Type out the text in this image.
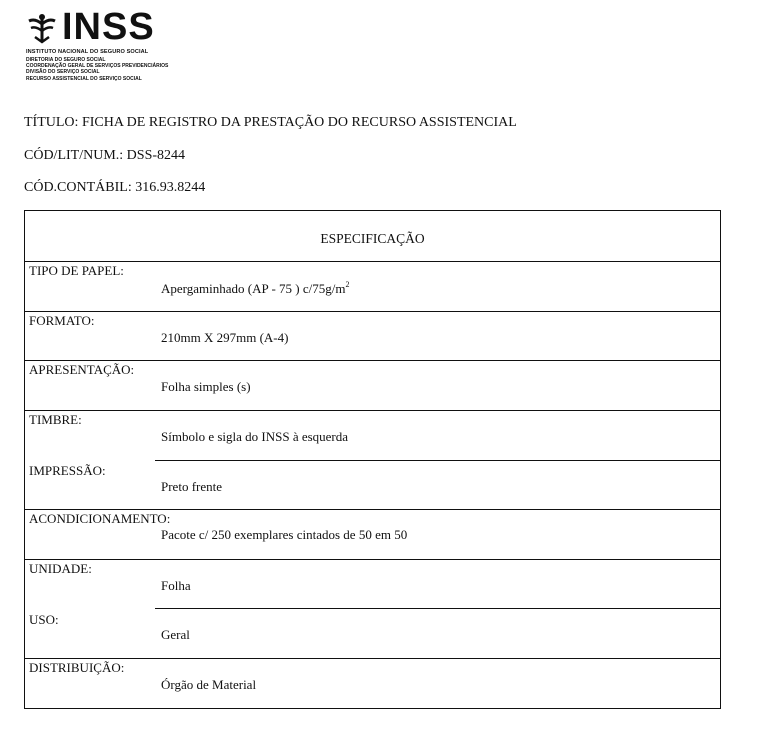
INSS
INSTITUTO NACIONAL DO SEGURO SOCIAL
DIRETORIA DO SEGURO SOCIAL
COORDENAÇÃO GERAL DE SERVIÇOS PREVIDENCIÁRIOS
DIVISÃO DO SERVIÇO SOCIAL
RECURSO ASSISTENCIAL DO SERVIÇO SOCIAL
TÍTULO: FICHA DE REGISTRO DA PRESTAÇÃO DO RECURSO ASSISTENCIAL
CÓD/LIT/NUM.: DSS-8244
CÓD.CONTÁBIL: 316.93.8244
ESPECIFICAÇÃO
TIPO DE PAPEL:
Apergaminhado (AP - 75 ) $c/75g/m^2$
FORMATO:
210mm X 297mm (A-4)
APRESENTAÇÃO:
Folha simples (s)
TIMBRE:
Símbolo e sigla do INSS à esquerda
IMPRESSÃO:
Preto frente
ACONDICIONAMENTO:
Pacote c/ 250 exemplares cintados de 50 em 50
UNIDADE:
Folha
USO:
Geral
DISTRIBUIÇÃO:
Órgão de Material
